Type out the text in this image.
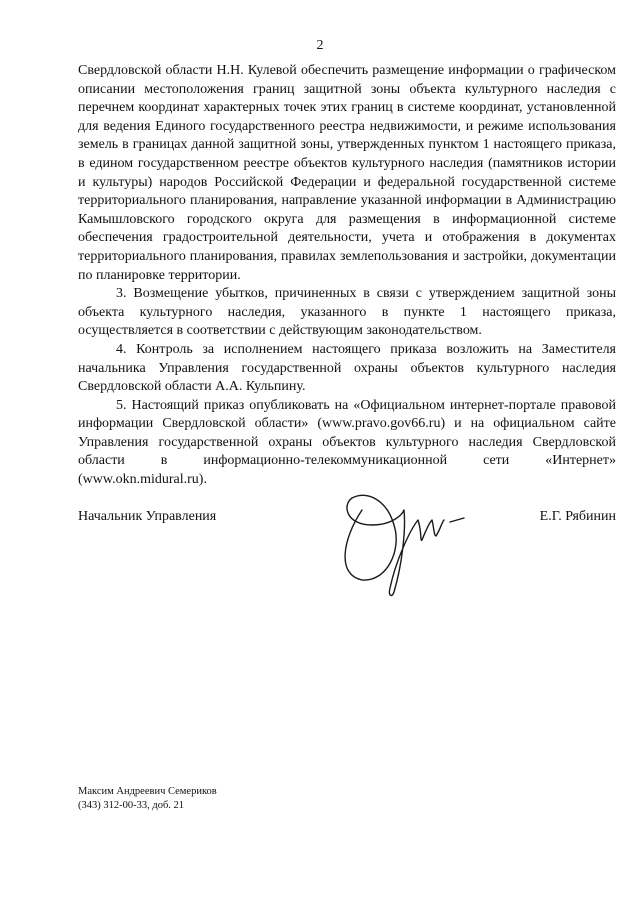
2

Свердловской области Н.Н. Кулевой обеспечить размещение информации о графическом описании местоположения границ защитной зоны объекта культурного наследия с перечнем координат характерных точек этих границ в системе координат, установленной для ведения Единого государственного реестра недвижимости, и режиме использования земель в границах данной защитной зоны, утвержденных пунктом 1 настоящего приказа, в едином государственном реестре объектов культурного наследия (памятников истории и культуры) народов Российской Федерации и федеральной государственной системе территориального планирования, направление указанной информации в Администрацию Камышловского городского округа для размещения в информационной системе обеспечения градостроительной деятельности, учета и отображения в документах территориального планирования, правилах землепользования и застройки, документации по планировке территории.

3. Возмещение убытков, причиненных в связи с утверждением защитной зоны объекта культурного наследия, указанного в пункте 1 настоящего приказа, осуществляется в соответствии с действующим законодательством.

4. Контроль за исполнением настоящего приказа возложить на Заместителя начальника Управления государственной охраны объектов культурного наследия Свердловской области А.А. Кульпину.

5. Настоящий приказ опубликовать на «Официальном интернет-портале правовой информации Свердловской области» (www.pravo.gov66.ru) и на официальном сайте Управления государственной охраны объектов культурного наследия Свердловской области в информационно-телекоммуникационной сети «Интернет» (www.okn.midural.ru).

Начальник Управления	Е.Г. Рябинин
Максим Андреевич Семериков
(343) 312-00-33, доб. 21
